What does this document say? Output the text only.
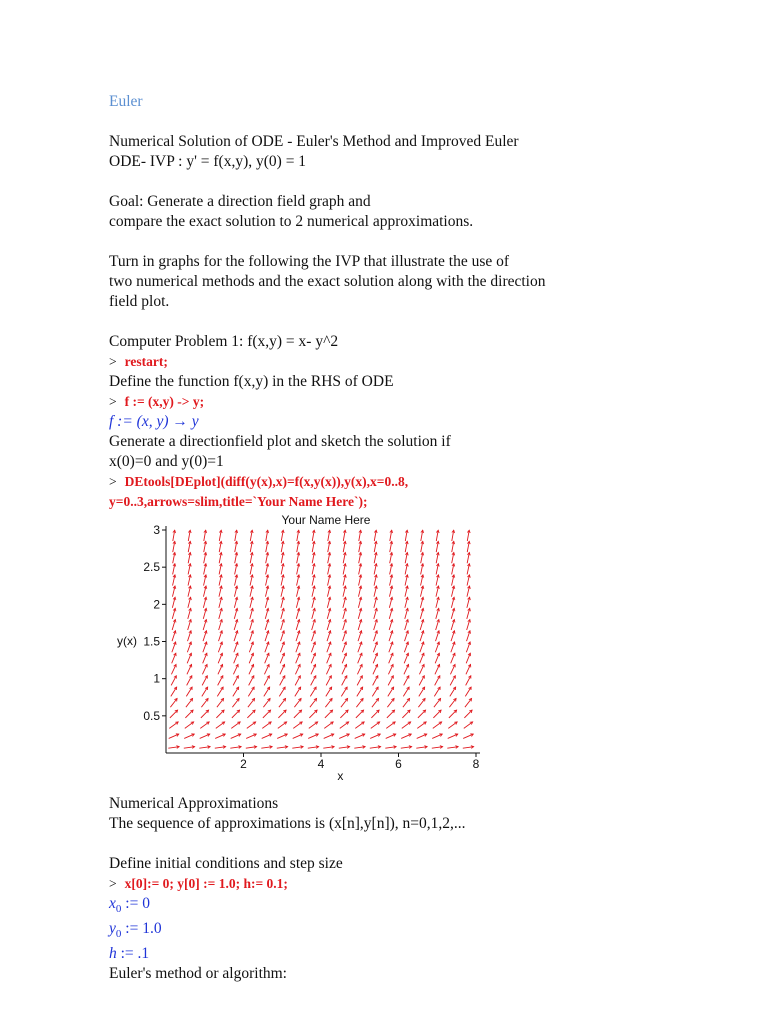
Euler

Numerical Solution of ODE - Euler's Method and Improved Euler

ODE- IVP : y' = f(x,y), y(0) = 1

Goal: Generate a direction field graph and

compare the exact solution to 2 numerical approximations.

Turn in graphs for the following the IVP that illustrate the use of

two numerical methods and the exact solution along with the direction

field plot.

Computer Problem 1: f(x,y) = x- y^2

> restart;

Define the function f(x,y) in the RHS of ODE

> f := (x,y) -> y;
f := (x, y) → y

Generate a directionfield plot and sketch the solution if

x(0)=0 and y(0)=1

> DEtools[DEplot](diff(y(x),x)=f(x,y(x)),y(x),x=0..8,
y=0..3,arrows=slim,title=`Your Name Here`);
Your Name Here
2	4	6	8
0.5
1
1.5
2
2.5
3
x
y(x)

Numerical Approximations

The sequence of approximations is (x[n],y[n]), n=0,1,2,...

Define initial conditions and step size

> x[0]:= 0; y[0] := 1.0; h:= 0.1;
$x_0$ := 0
$y_0$ := 1.0
h := .1

Euler's method or algorithm:
